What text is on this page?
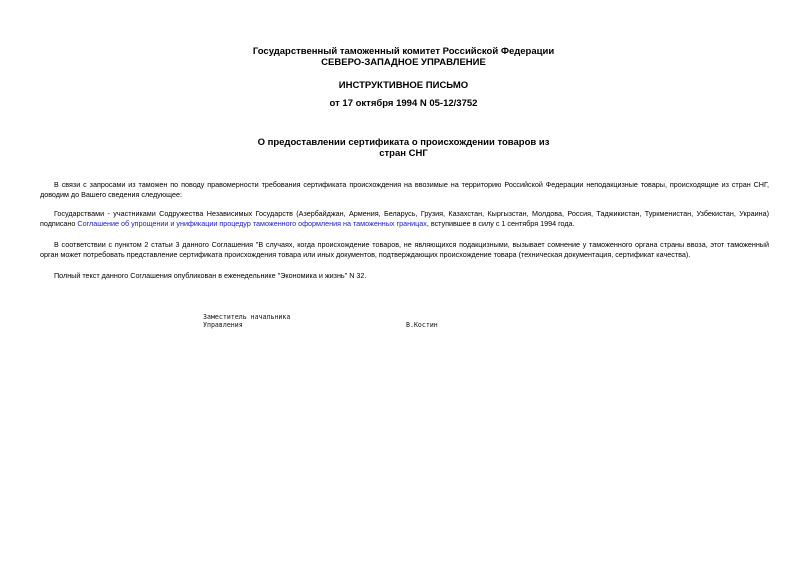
Государственный таможенный комитет Российской Федерации
СЕВЕРО-ЗАПАДНОЕ УПРАВЛЕНИЕ
ИНСТРУКТИВНОЕ ПИСЬМО
от 17 октября 1994 N 05-12/3752
О предоставлении сертификата о происхождении товаров из
стран СНГ

В связи с запросами из таможен по поводу правомерности требования сертификата происхождения на ввозимые на территорию Российской Федерации неподакцизные товары, происходящие из стран СНГ, доводим до Вашего сведения следующее:

Государствами - участниками Содружества Независимых Государств (Азербайджан, Армения, Беларусь, Грузия, Казахстан, Кыргызстан, Молдова, Россия, Таджикистан, Туркменистан, Узбекистан, Украина) подписано Соглашение об упрощении и унификации процедур таможенного оформления на таможенных границах, вступившее в силу с 1 сентября 1994 года.

В соответствии с пунктом 2 статьи 3 данного Соглашения "В случаях, когда происхождение товаров, не являющихся подакцизными, вызывает сомнение у таможенного органа страны ввоза, этот таможенный орган может потребовать представление сертификата происхождения товара или иных документов, подтверждающих происхождение товара (техническая документация, сертификат качества).

Полный текст данного Соглашения опубликован в еженедельнике "Экономика и жизнь" N 32.

Заместитель начальника
Управления	В.Костин
